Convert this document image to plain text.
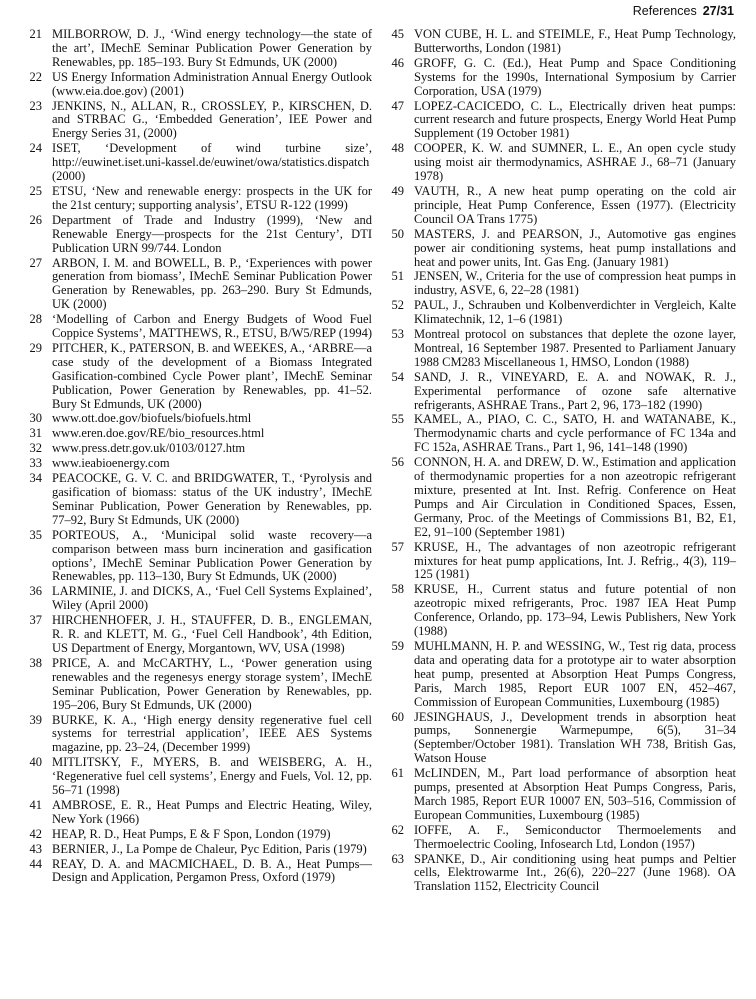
References 27/31
21 MILBORROW, D. J., ‘Wind energy technology—the state of the art’, IMechE Seminar Publication Power Generation by Renewables, pp. 185–193. Bury St Edmunds, UK (2000)
22 US Energy Information Administration Annual Energy Outlook (www.eia.doe.gov) (2001)
23 JENKINS, N., ALLAN, R., CROSSLEY, P., KIRSCHEN, D. and STRBAC G., ‘Embedded Generation’, IEE Power and Energy Series 31, (2000)
24 ISET, ‘Development of wind turbine size’, http://euwinet.iset.uni-kassel.de/euwinet/owa/statistics.dispatch (2000)
25 ETSU, ‘New and renewable energy: prospects in the UK for the 21st century; supporting analysis’, ETSU R-122 (1999)
26 Department of Trade and Industry (1999), ‘New and Renewable Energy—prospects for the 21st Century’, DTI Publication URN 99/744. London
27 ARBON, I. M. and BOWELL, B. P., ‘Experiences with power generation from biomass’, IMechE Seminar Publication Power Generation by Renewables, pp. 263–290. Bury St Edmunds, UK (2000)
28 ‘Modelling of Carbon and Energy Budgets of Wood Fuel Coppice Systems’, MATTHEWS, R., ETSU, B/W5/REP (1994)
29 PITCHER, K., PATERSON, B. and WEEKES, A., ‘ARBRE—a case study of the development of a Biomass Integrated Gasification-combined Cycle Power plant’, IMechE Seminar Publication, Power Generation by Renewables, pp. 41–52. Bury St Edmunds, UK (2000)
30 www.ott.doe.gov/biofuels/biofuels.html
31 www.eren.doe.gov/RE/bio_resources.html
32 www.press.detr.gov.uk/0103/0127.htm
33 www.ieabioenergy.com
34 PEACOCKE, G. V. C. and BRIDGWATER, T., ‘Pyrolysis and gasification of biomass: status of the UK industry’, IMechE Seminar Publication, Power Generation by Renewables, pp. 77–92, Bury St Edmunds, UK (2000)
35 PORTEOUS, A., ‘Municipal solid waste recovery—a comparison between mass burn incineration and gasification options’, IMechE Seminar Publication Power Generation by Renewables, pp. 113–130, Bury St Edmunds, UK (2000)
36 LARMINIE, J. and DICKS, A., ‘Fuel Cell Systems Explained’, Wiley (April 2000)
37 HIRCHENHOFER, J. H., STAUFFER, D. B., ENGLEMAN, R. R. and KLETT, M. G., ‘Fuel Cell Handbook’, 4th Edition, US Department of Energy, Morgantown, WV, USA (1998)
38 PRICE, A. and McCARTHY, L., ‘Power generation using renewables and the regenesys energy storage system’, IMechE Seminar Publication, Power Generation by Renewables, pp. 195–206, Bury St Edmunds, UK (2000)
39 BURKE, K. A., ‘High energy density regenerative fuel cell systems for terrestrial application’, IEEE AES Systems magazine, pp. 23–24, (December 1999)
40 MITLITSKY, F., MYERS, B. and WEISBERG, A. H., ‘Regenerative fuel cell systems’, Energy and Fuels, Vol. 12, pp. 56–71 (1998)
41 AMBROSE, E. R., Heat Pumps and Electric Heating, Wiley, New York (1966)
42 HEAP, R. D., Heat Pumps, E & F Spon, London (1979)
43 BERNIER, J., La Pompe de Chaleur, Pyc Edition, Paris (1979)
44 REAY, D. A. and MACMICHAEL, D. B. A., Heat Pumps—Design and Application, Pergamon Press, Oxford (1979)
45 VON CUBE, H. L. and STEIMLE, F., Heat Pump Technology, Butterworths, London (1981)
46 GROFF, G. C. (Ed.), Heat Pump and Space Conditioning Systems for the 1990s, International Symposium by Carrier Corporation, USA (1979)
47 LOPEZ-CACICEDO, C. L., Electrically driven heat pumps: current research and future prospects, Energy World Heat Pump Supplement (19 October 1981)
48 COOPER, K. W. and SUMNER, L. E., An open cycle study using moist air thermodynamics, ASHRAE J., 68–71 (January 1978)
49 VAUTH, R., A new heat pump operating on the cold air principle, Heat Pump Conference, Essen (1977). (Electricity Council OA Trans 1775)
50 MASTERS, J. and PEARSON, J., Automotive gas engines power air conditioning systems, heat pump installations and heat and power units, Int. Gas Eng. (January 1981)
51 JENSEN, W., Criteria for the use of compression heat pumps in industry, ASVE, 6, 22–28 (1981)
52 PAUL, J., Schrauben und Kolbenverdichter in Vergleich, Kalte Klimatechnik, 12, 1–6 (1981)
53 Montreal protocol on substances that deplete the ozone layer, Montreal, 16 September 1987. Presented to Parliament January 1988 CM283 Miscellaneous 1, HMSO, London (1988)
54 SAND, J. R., VINEYARD, E. A. and NOWAK, R. J., Experimental performance of ozone safe alternative refrigerants, ASHRAE Trans., Part 2, 96, 173–182 (1990)
55 KAMEL, A., PIAO, C. C., SATO, H. and WATANABE, K., Thermodynamic charts and cycle performance of FC 134a and FC 152a, ASHRAE Trans., Part 1, 96, 141–148 (1990)
56 CONNON, H. A. and DREW, D. W., Estimation and application of thermodynamic properties for a non azeotropic refrigerant mixture, presented at Int. Inst. Refrig. Conference on Heat Pumps and Air Circulation in Conditioned Spaces, Essen, Germany, Proc. of the Meetings of Commissions B1, B2, E1, E2, 91–100 (September 1981)
57 KRUSE, H., The advantages of non azeotropic refrigerant mixtures for heat pump applications, Int. J. Refrig., 4(3), 119–125 (1981)
58 KRUSE, H., Current status and future potential of non azeotropic mixed refrigerants, Proc. 1987 IEA Heat Pump Conference, Orlando, pp. 173–94, Lewis Publishers, New York (1988)
59 MUHLMANN, H. P. and WESSING, W., Test rig data, process data and operating data for a prototype air to water absorption heat pump, presented at Absorption Heat Pumps Congress, Paris, March 1985, Report EUR 1007 EN, 452–467, Commission of European Communities, Luxembourg (1985)
60 JESINGHAUS, J., Development trends in absorption heat pumps, Sonnenergie Warmepumpe, 6(5), 31–34 (September/October 1981). Translation WH 738, British Gas, Watson House
61 McLINDEN, M., Part load performance of absorption heat pumps, presented at Absorption Heat Pumps Congress, Paris, March 1985, Report EUR 10007 EN, 503–516, Commission of European Communities, Luxembourg (1985)
62 IOFFE, A. F., Semiconductor Thermoelements and Thermoelectric Cooling, Infosearch Ltd, London (1957)
63 SPANKE, D., Air conditioning using heat pumps and Peltier cells, Elektrowarme Int., 26(6), 220–227 (June 1968). OA Translation 1152, Electricity Council
